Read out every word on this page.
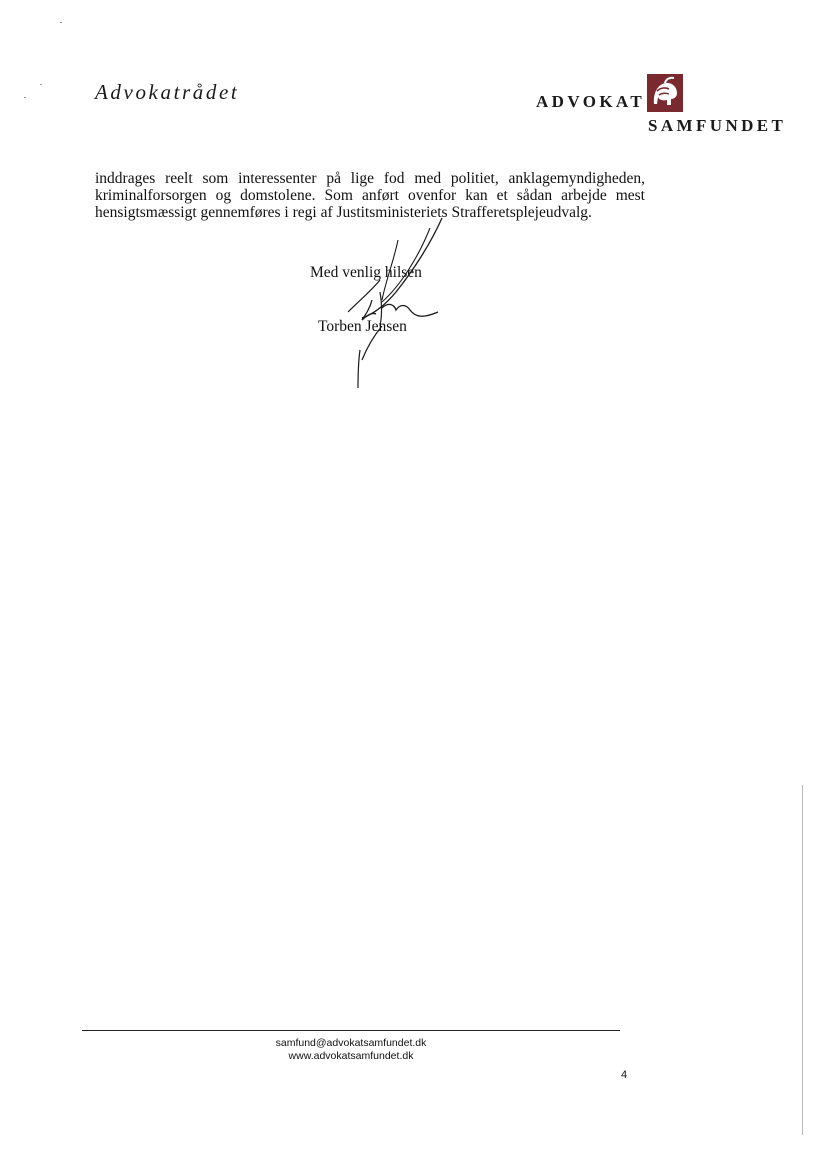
Advokatrådet	ADVOKAT
SAMFUNDET

inddrages reelt som interessenter på lige fod med politiet, anklagemyndigheden, kriminalforsorgen og domstolene. Som anført ovenfor kan et sådan arbejde mest hensigtsmæssigt gennemføres i regi af Justitsministeriets Strafferetsplejeudvalg.

Med venlig hilsen
Torben Jensen
samfund@advokatsamfundet.dk
www.advokatsamfundet.dk
4
